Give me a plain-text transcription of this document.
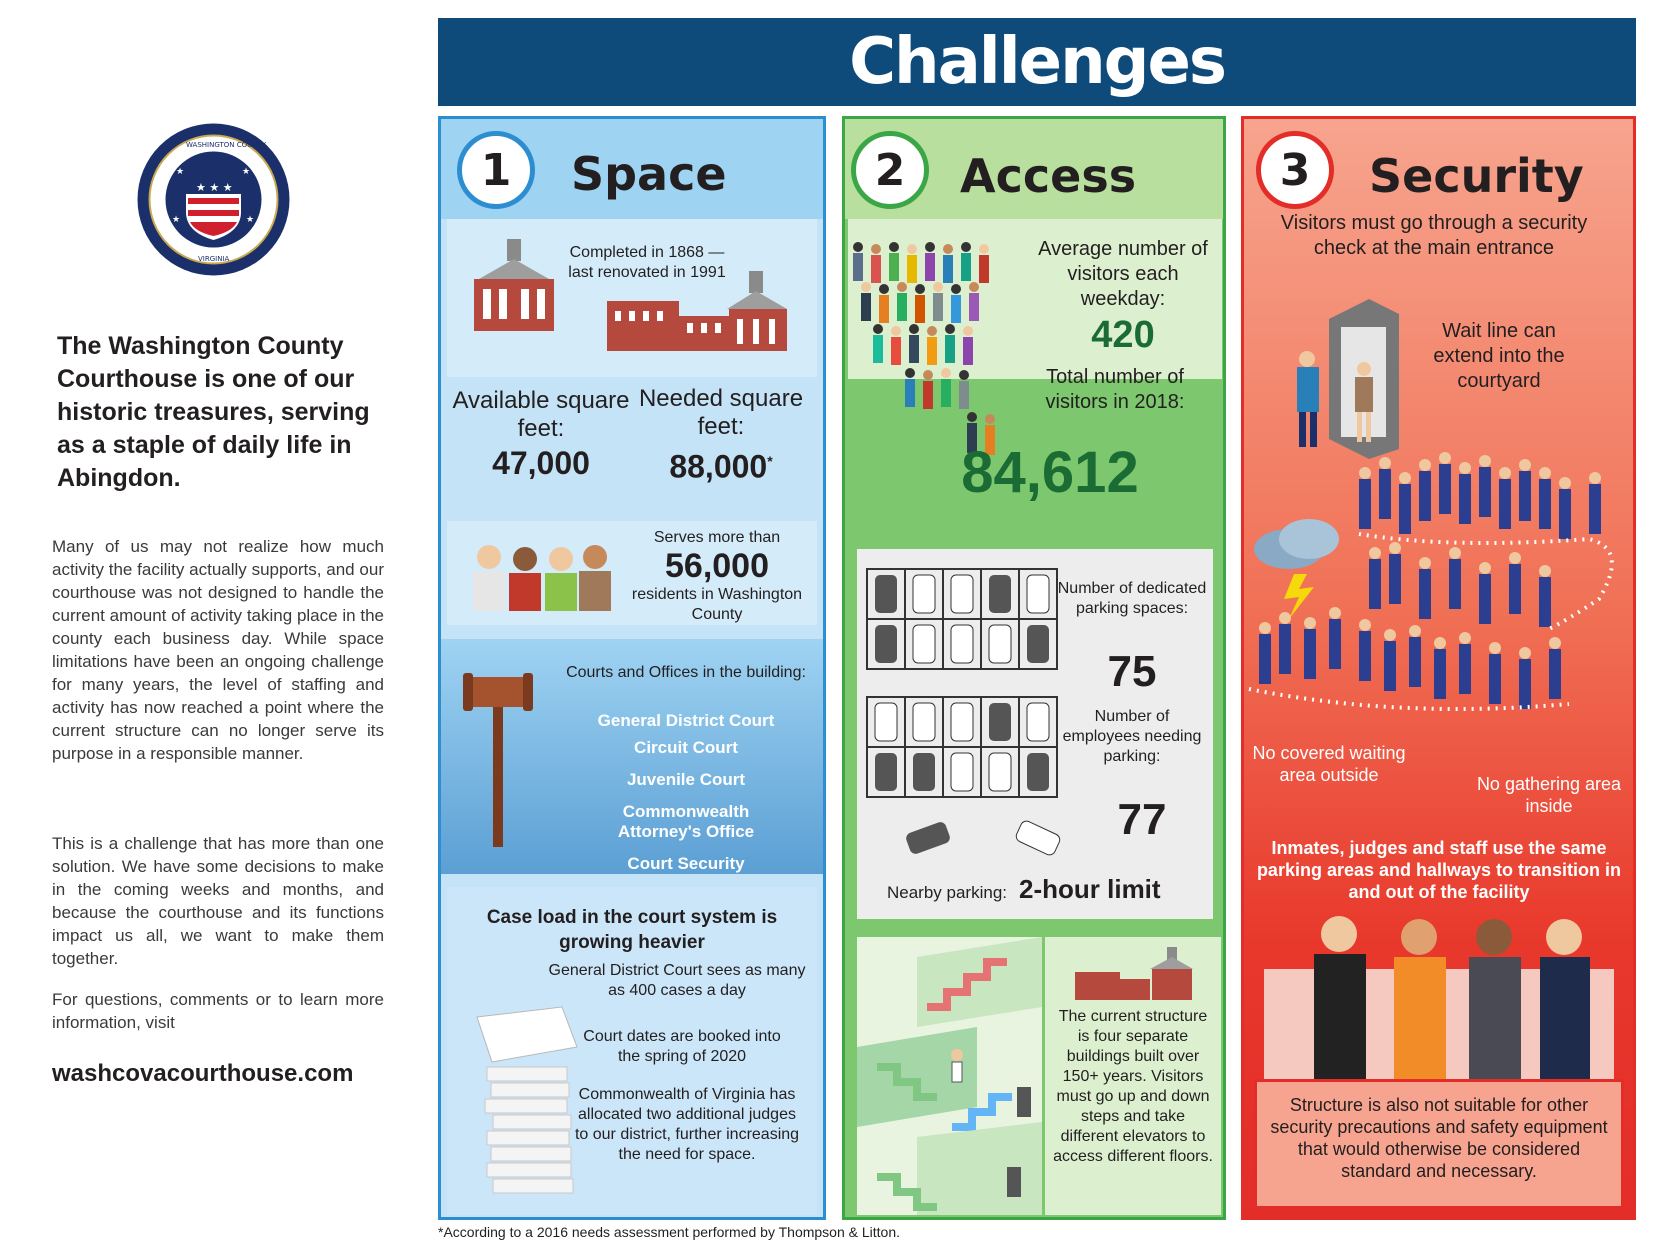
★ ★ ★
★	★
★	★
WASHINGTON COUNTY
VIRGINIA
The Washington County Courthouse is one of our historic treasures, serving as a staple of daily life in Abingdon.
Many of us may not realize how much activity the facility actually supports, and our courthouse was not designed to handle the current amount of activity taking place in the county each business day. While space limitations have been an ongoing challenge for many years, the level of staffing and activity has now reached a point where the current structure can no longer serve its purpose in a responsible manner.
This is a challenge that has more than one solution. We have some decisions to make in the coming weeks and months, and because the courthouse and its functions impact us all, we want to make them together.
For questions, comments or to learn more information, visit
washcovacourthouse.com
Challenges
1	Space
Completed in 1868 —
last renovated in 1991
Available square feet:
47,000
Needed square feet:
88,000*
Serves more than
56,000
residents in Washington County
Courts and Offices in the building:
General District Court
Circuit Court
Juvenile Court
Commonwealth Attorney's Office
Court Security
Case load in the court system is growing heavier
General District Court sees as many as 400 cases a day
Court dates are booked into the spring of 2020
Commonwealth of Virginia has allocated two additional judges to our district, further increasing the need for space.
2	Access
Average number of visitors each weekday:
420
Total number of visitors in 2018:
84,612
Number of dedicated parking spaces:
75
Number of employees needing parking:
77
Nearby parking: 2-hour limit
The current structure is four separate buildings built over 150+ years. Visitors must go up and down steps and take different elevators to access different floors.
3	Security
Visitors must go through a security check at the main entrance
Wait line can extend into the courtyard
No covered waiting area outside	No gathering area inside
Inmates, judges and staff use the same parking areas and hallways to transition in and out of the facility
Structure is also not suitable for other security precautions and safety equipment that would otherwise be considered standard and necessary.
*According to a 2016 needs assessment performed by Thompson & Litton.
